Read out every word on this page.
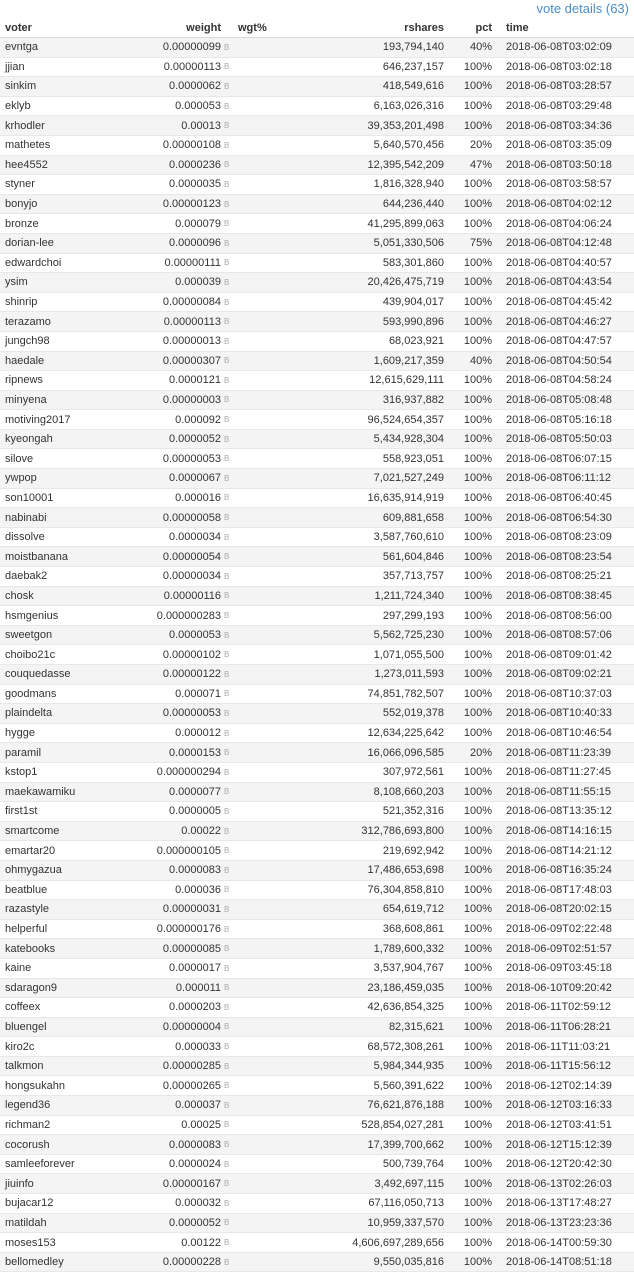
vote details (63)
voter	weight		wgt%	rshares	pct	time
evntga	0.00000099	B		193,794,140	40%	2018-06-08T03:02:09
jjian	0.00000113	B		646,237,157	100%	2018-06-08T03:02:18
sinkim	0.0000062	B		418,549,616	100%	2018-06-08T03:28:57
eklyb	0.000053	B		6,163,026,316	100%	2018-06-08T03:29:48
krhodler	0.00013	B		39,353,201,498	100%	2018-06-08T03:34:36
mathetes	0.00000108	B		5,640,570,456	20%	2018-06-08T03:35:09
hee4552	0.0000236	B		12,395,542,209	47%	2018-06-08T03:50:18
styner	0.0000035	B		1,816,328,940	100%	2018-06-08T03:58:57
bonyjo	0.00000123	B		644,236,440	100%	2018-06-08T04:02:12
bronze	0.000079	B		41,295,899,063	100%	2018-06-08T04:06:24
dorian-lee	0.0000096	B		5,051,330,506	75%	2018-06-08T04:12:48
edwardchoi	0.00000111	B		583,301,860	100%	2018-06-08T04:40:57
ysim	0.000039	B		20,426,475,719	100%	2018-06-08T04:43:54
shinrip	0.00000084	B		439,904,017	100%	2018-06-08T04:45:42
terazamo	0.00000113	B		593,990,896	100%	2018-06-08T04:46:27
jungch98	0.00000013	B		68,023,921	100%	2018-06-08T04:47:57
haedale	0.00000307	B		1,609,217,359	40%	2018-06-08T04:50:54
ripnews	0.0000121	B		12,615,629,111	100%	2018-06-08T04:58:24
minyena	0.00000003	B		316,937,882	100%	2018-06-08T05:08:48
motiving2017	0.000092	B		96,524,654,357	100%	2018-06-08T05:16:18
kyeongah	0.0000052	B		5,434,928,304	100%	2018-06-08T05:50:03
silove	0.00000053	B		558,923,051	100%	2018-06-08T06:07:15
ywpop	0.0000067	B		7,021,527,249	100%	2018-06-08T06:11:12
son10001	0.000016	B		16,635,914,919	100%	2018-06-08T06:40:45
nabinabi	0.00000058	B		609,881,658	100%	2018-06-08T06:54:30
dissolve	0.0000034	B		3,587,760,610	100%	2018-06-08T08:23:09
moistbanana	0.00000054	B		561,604,846	100%	2018-06-08T08:23:54
daebak2	0.00000034	B		357,713,757	100%	2018-06-08T08:25:21
chosk	0.00000116	B		1,211,724,340	100%	2018-06-08T08:38:45
hsmgenius	0.000000283	B		297,299,193	100%	2018-06-08T08:56:00
sweetgon	0.0000053	B		5,562,725,230	100%	2018-06-08T08:57:06
choibo21c	0.00000102	B		1,071,055,500	100%	2018-06-08T09:01:42
couquedasse	0.00000122	B		1,273,011,593	100%	2018-06-08T09:02:21
goodmans	0.000071	B		74,851,782,507	100%	2018-06-08T10:37:03
plaindelta	0.00000053	B		552,019,378	100%	2018-06-08T10:40:33
hygge	0.000012	B		12,634,225,642	100%	2018-06-08T10:46:54
paramil	0.0000153	B		16,066,096,585	20%	2018-06-08T11:23:39
kstop1	0.000000294	B		307,972,561	100%	2018-06-08T11:27:45
maekawamiku	0.0000077	B		8,108,660,203	100%	2018-06-08T11:55:15
first1st	0.0000005	B		521,352,316	100%	2018-06-08T13:35:12
smartcome	0.00022	B		312,786,693,800	100%	2018-06-08T14:16:15
emartar20	0.000000105	B		219,692,942	100%	2018-06-08T14:21:12
ohmygazua	0.0000083	B		17,486,653,698	100%	2018-06-08T16:35:24
beatblue	0.000036	B		76,304,858,810	100%	2018-06-08T17:48:03
razastyle	0.00000031	B		654,619,712	100%	2018-06-08T20:02:15
helperful	0.000000176	B		368,608,861	100%	2018-06-09T02:22:48
katebooks	0.00000085	B		1,789,600,332	100%	2018-06-09T02:51:57
kaine	0.0000017	B		3,537,904,767	100%	2018-06-09T03:45:18
sdaragon9	0.000011	B		23,186,459,035	100%	2018-06-10T09:20:42
coffeex	0.0000203	B		42,636,854,325	100%	2018-06-11T02:59:12
bluengel	0.00000004	B		82,315,621	100%	2018-06-11T06:28:21
kiro2c	0.000033	B		68,572,308,261	100%	2018-06-11T11:03:21
talkmon	0.00000285	B		5,984,344,935	100%	2018-06-11T15:56:12
hongsukahn	0.00000265	B		5,560,391,622	100%	2018-06-12T02:14:39
legend36	0.000037	B		76,621,876,188	100%	2018-06-12T03:16:33
richman2	0.00025	B		528,854,027,281	100%	2018-06-12T03:41:51
cocorush	0.0000083	B		17,399,700,662	100%	2018-06-12T15:12:39
samleeforever	0.0000024	B		500,739,764	100%	2018-06-12T20:42:30
jiuinfo	0.00000167	B		3,492,697,115	100%	2018-06-13T02:26:03
bujacar12	0.000032	B		67,116,050,713	100%	2018-06-13T17:48:27
matildah	0.0000052	B		10,959,337,570	100%	2018-06-13T23:23:36
moses153	0.00122	B		4,606,697,289,656	100%	2018-06-14T00:59:30
bellomedley	0.00000228	B		9,550,035,816	100%	2018-06-14T08:51:18
